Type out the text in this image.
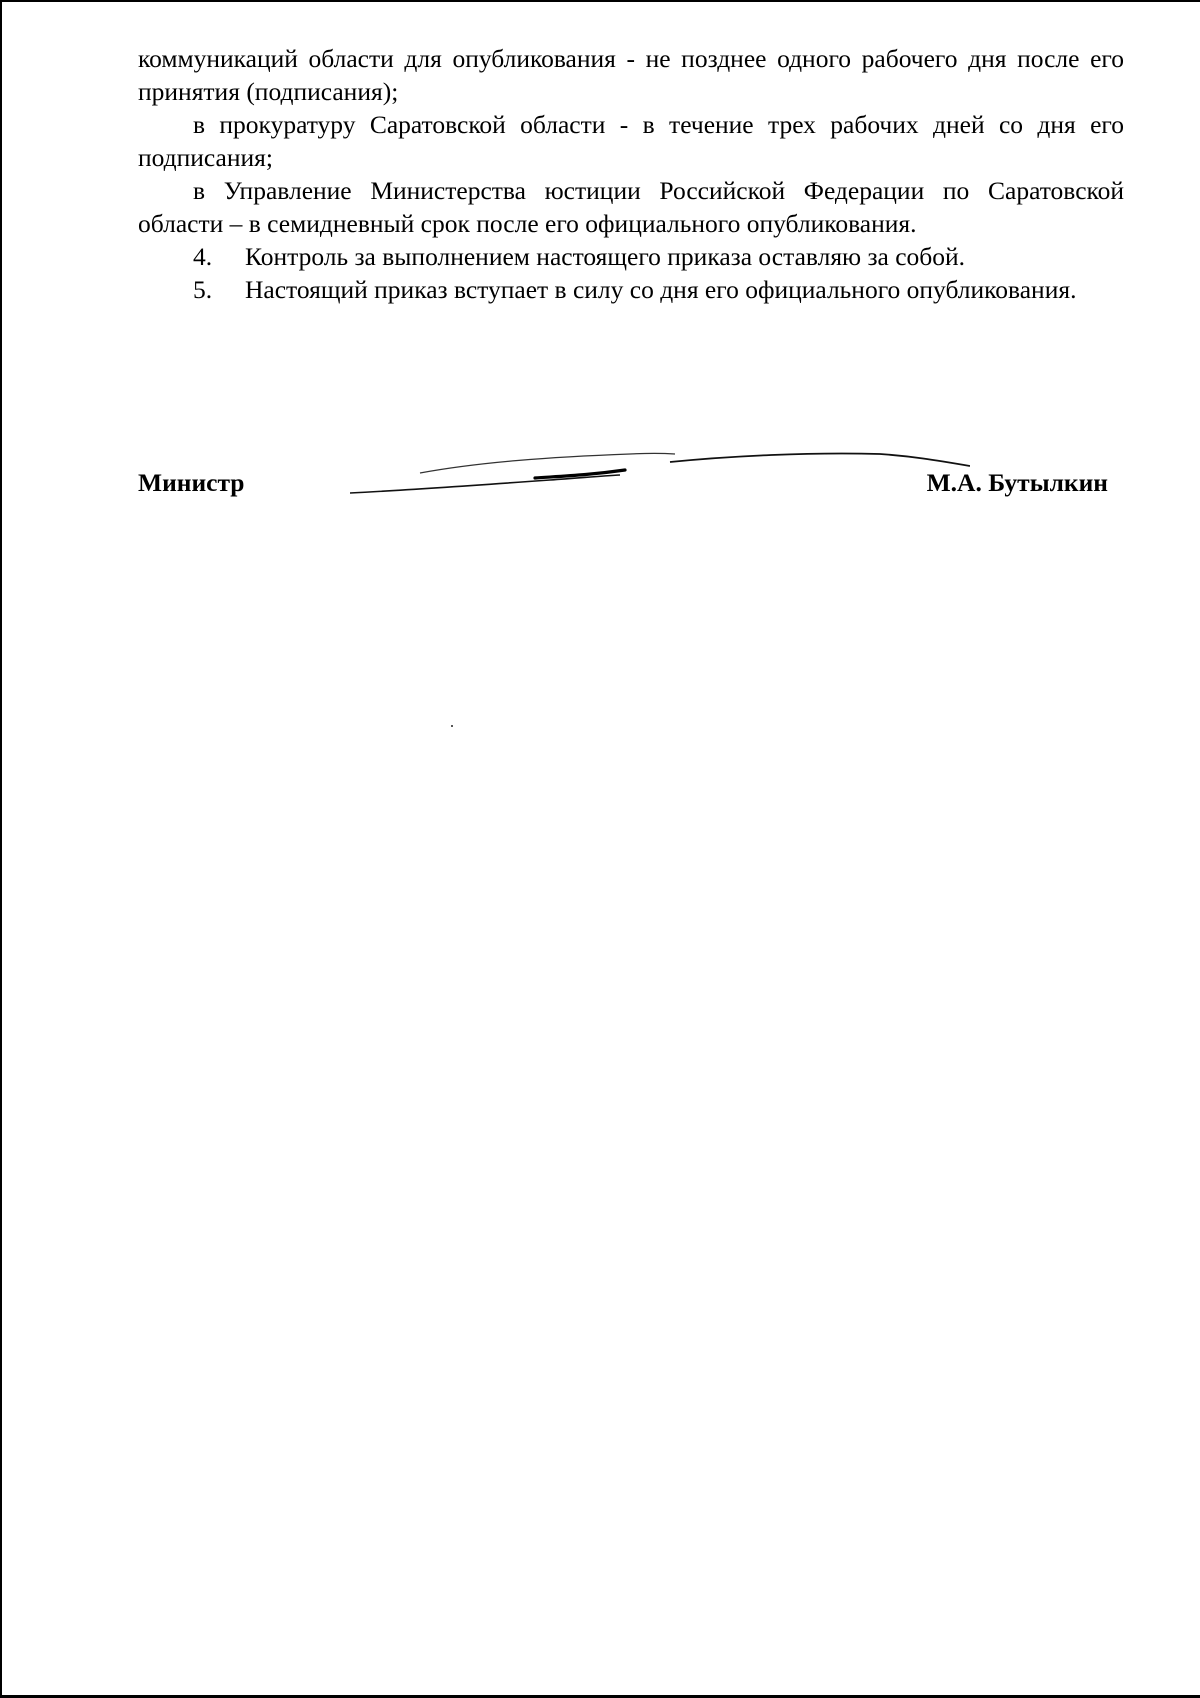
коммуникаций области для опубликования - не позднее одного рабочего дня после его принятия (подписания);

в прокуратуру Саратовской области - в течение трех рабочих дней со дня его подписания;

в Управление Министерства юстиции Российской Федерации по Саратовской области – в семидневный срок после его официального опубликования.

4.	Контроль за выполнением настоящего приказа оставляю за собой.

5. Настоящий приказ вступает в силу со дня его официального опубликования.

Министр	М.А. Бутылкин
